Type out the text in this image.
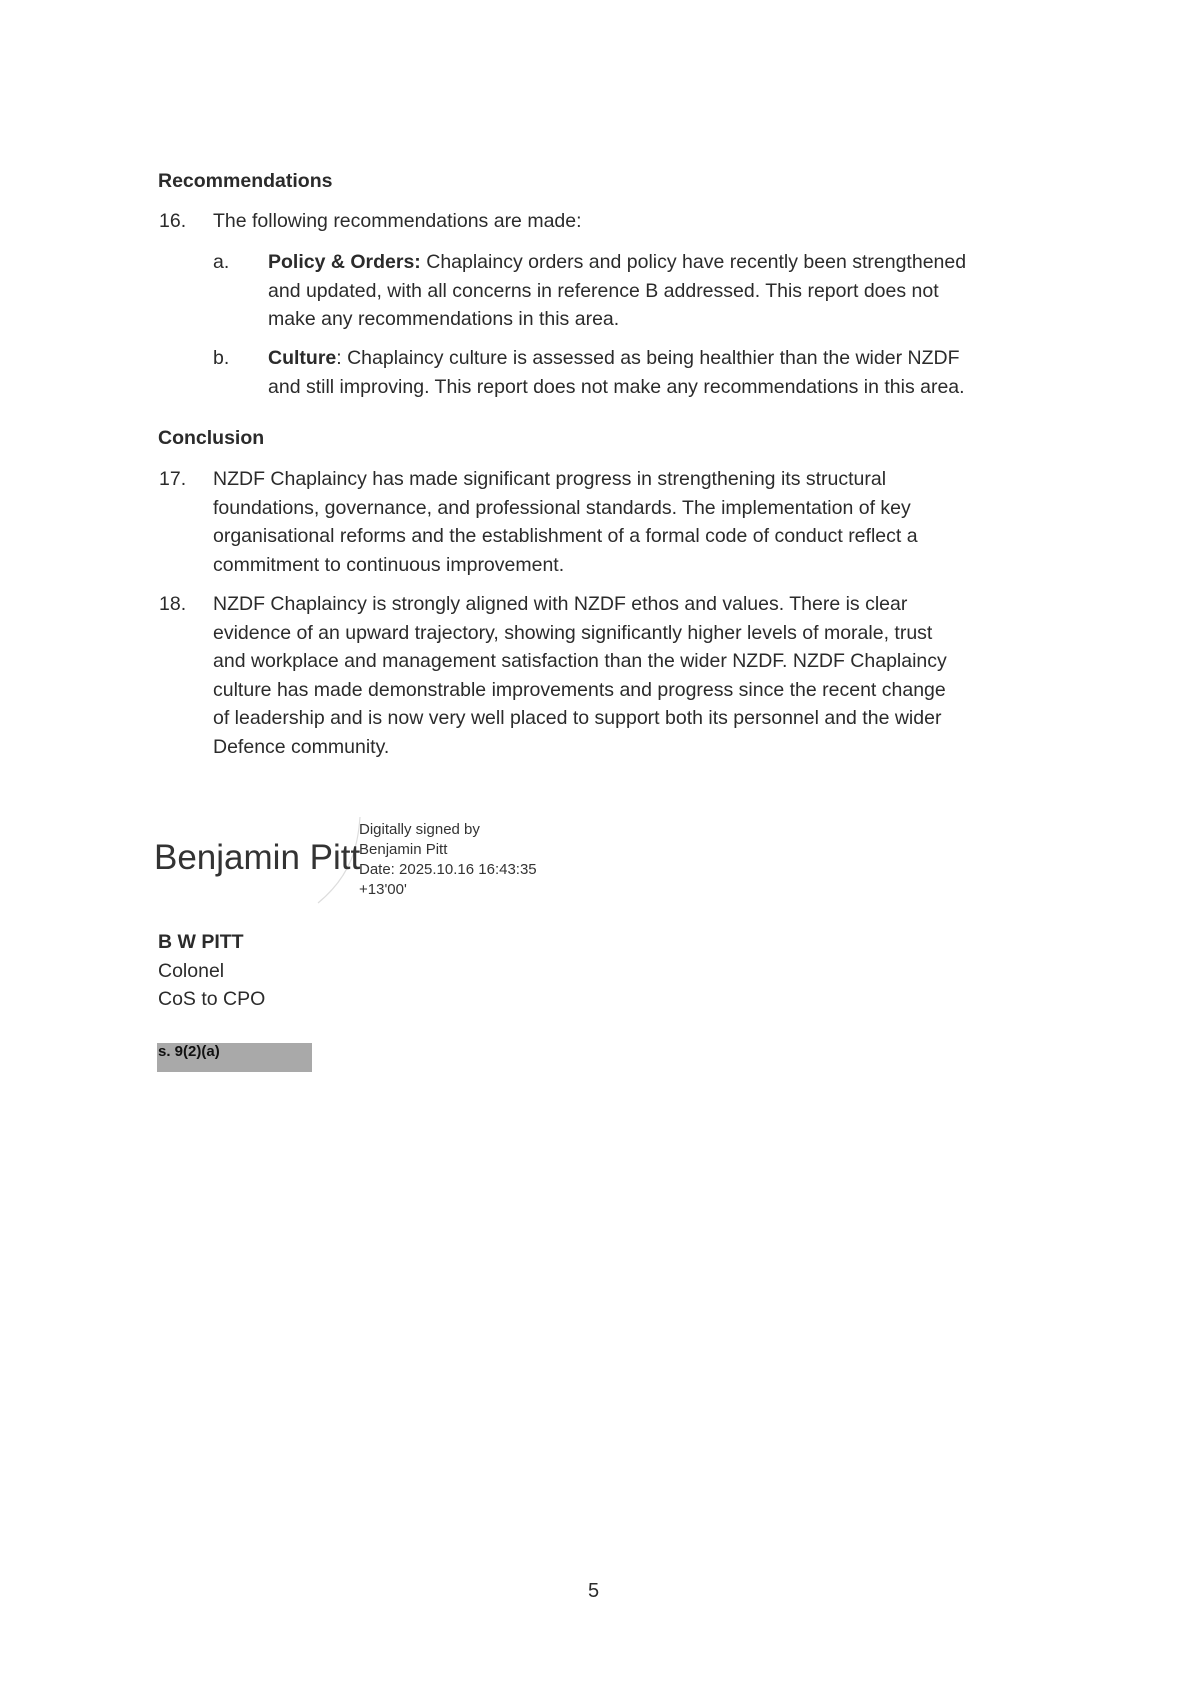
Recommendations
16. The following recommendations are made:
a. Policy & Orders: Chaplaincy orders and policy have recently been strengthened
and updated, with all concerns in reference B addressed. This report does not
make any recommendations in this area.
b. Culture: Chaplaincy culture is assessed as being healthier than the wider NZDF
and still improving. This report does not make any recommendations in this area.
Conclusion
17. NZDF Chaplaincy has made significant progress in strengthening its structural
foundations, governance, and professional standards. The implementation of key
organisational reforms and the establishment of a formal code of conduct reflect a
commitment to continuous improvement.
18. NZDF Chaplaincy is strongly aligned with NZDF ethos and values. There is clear
evidence of an upward trajectory, showing significantly higher levels of morale, trust
and workplace and management satisfaction than the wider NZDF. NZDF Chaplaincy
culture has made demonstrable improvements and progress since the recent change
of leadership and is now very well placed to support both its personnel and the wider
Defence community.
Benjamin Pitt
Digitally signed by
Benjamin Pitt
Date: 2025.10.16 16:43:35
+13'00'
B W PITT
Colonel
CoS to CPO
s. 9(2)(a)
5
